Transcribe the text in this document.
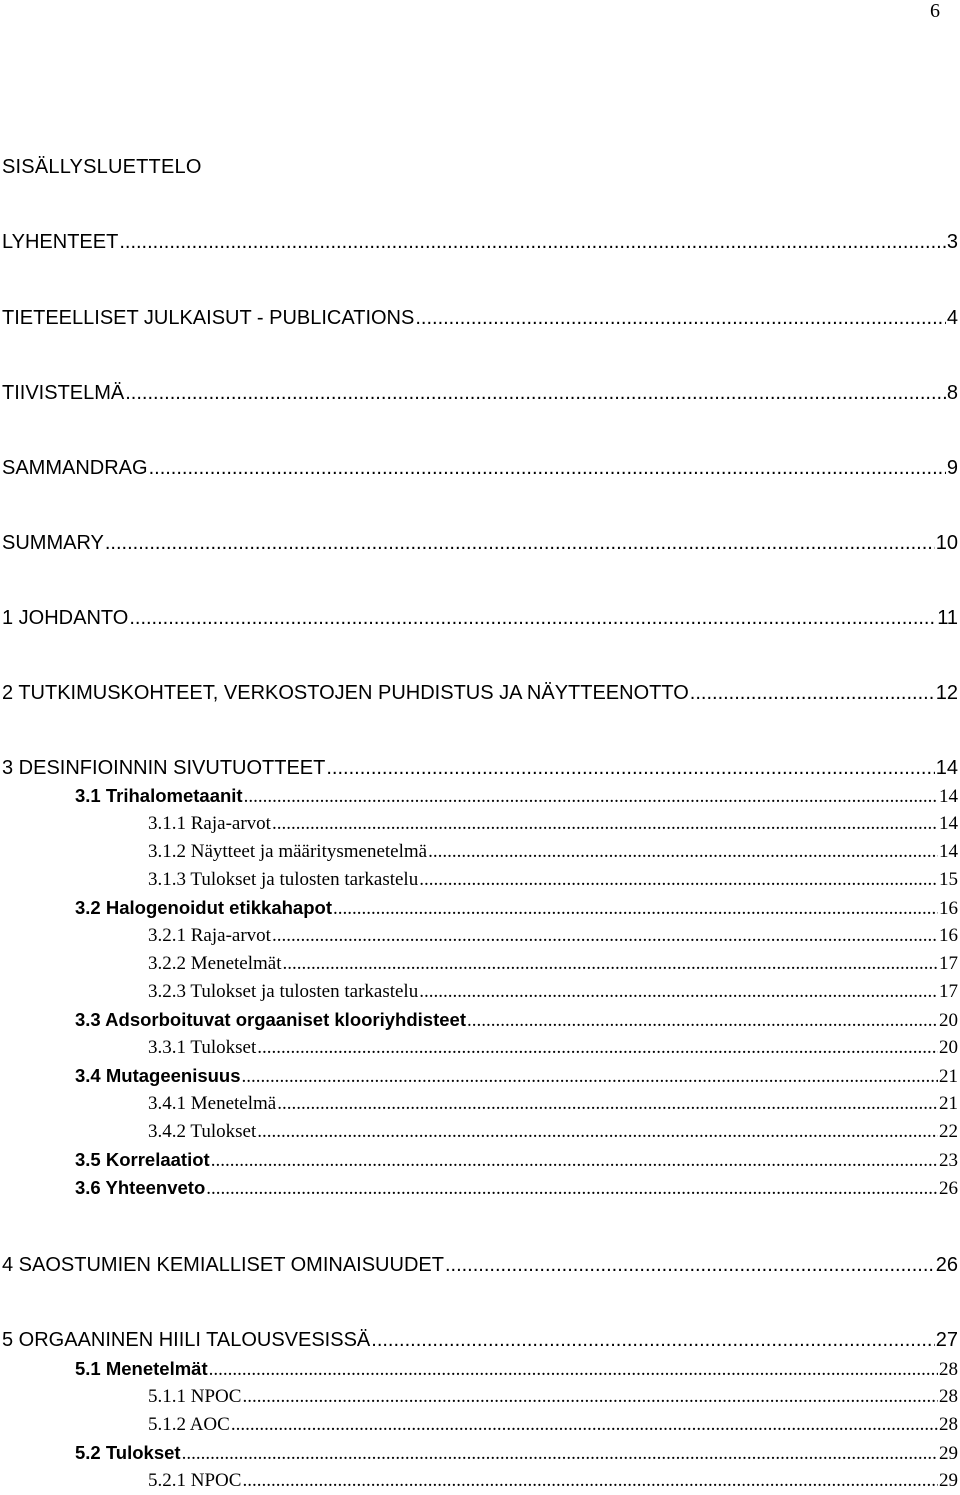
6
SISÄLLYSLUETTELO
LYHENTEET .....	3
TIETEELLISET JULKAISUT - PUBLICATIONS .....	4
TIIVISTELMÄ .....	8
SAMMANDRAG .....	9
SUMMARY .....	10
1 JOHDANTO .....	11
2 TUTKIMUSKOHTEET, VERKOSTOJEN PUHDISTUS JA NÄYTTEENOTTO .....	12
3 DESINFIOINNIN SIVUTUOTTEET .....	14
3.1 Trihalometaanit .....	14
3.1.1 Raja-arvot .....	14
3.1.2 Näytteet ja määritysmenetelmä .....	14
3.1.3 Tulokset ja tulosten tarkastelu .....	15
3.2 Halogenoidut etikkahapot .....	16
3.2.1 Raja-arvot .....	16
3.2.2 Menetelmät .....	17
3.2.3 Tulokset ja tulosten tarkastelu .....	17
3.3 Adsorboituvat orgaaniset klooriyhdisteet .....	20
3.3.1 Tulokset .....	20
3.4 Mutageenisuus .....	21
3.4.1 Menetelmä .....	21
3.4.2 Tulokset .....	22
3.5 Korrelaatiot .....	23
3.6 Yhteenveto .....	26
4 SAOSTUMIEN KEMIALLISET OMINAISUUDET .....	26
5 ORGAANINEN HIILI TALOUSVESISSÄ .....	27
5.1 Menetelmät .....	28
5.1.1 NPOC .....	28
5.1.2 AOC .....	28
5.2 Tulokset .....	29
5.2.1 NPOC .....	29
